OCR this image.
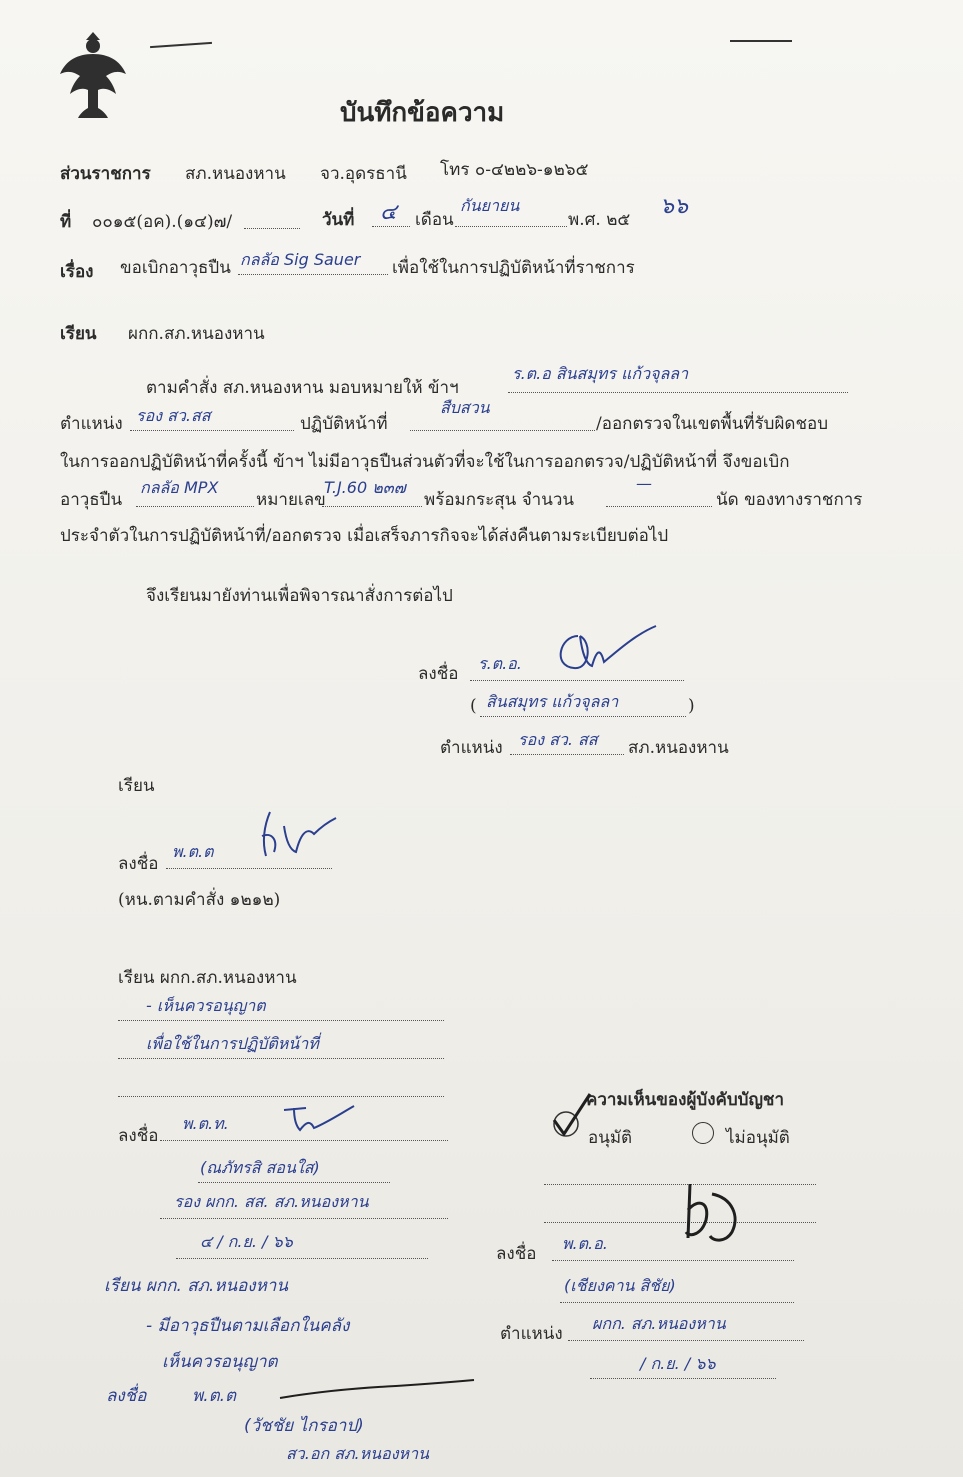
บันทึกข้อความ
ส่วนราชการ สภ.หนองหาน จว.อุดรธานี โทร ๐-๔๒๒๖-๑๒๖๕
ที่ ๐๐๑๕(อค).(๑๔)๗/	วันที่ ๔ เดือน
กันยายน
พ.ศ. ๒๕
๖๖
เรื่อง ขอเบิกอาวุธปืน กลลัอ Sig Sauer เพื่อใช้ในการปฏิบัติหน้าที่ราชการ
เรียน ผกก.สภ.หนองหาน
ตามคำสั่ง สภ.หนองหาน มอบหมายให้ ข้าฯ
ร.ต.อ สินสมุทร แก้วจุลลา
ตำแหน่ง รอง สว.สส	ปฏิบัติหน้าที่
สืบสวน
/ออกตรวจในเขตพื้นที่รับผิดชอบ
ในการออกปฏิบัติหน้าที่ครั้งนี้ ข้าฯ ไม่มีอาวุธปืนส่วนตัวที่จะใช้ในการออกตรวจ/ปฏิบัติหน้าที่ จึงขอเบิก
อาวุธปืน
กลลัอ MPX
หมายเลข
T.J.60 ๒๓๗
พร้อมกระสุน จำนวน
—
นัด ของทางราชการ
ประจำตัวในการปฏิบัติหน้าที่/ออกตรวจ เมื่อเสร็จภารกิจจะได้ส่งคืนตามระเบียบต่อไป
จึงเรียนมายังท่านเพื่อพิจารณาสั่งการต่อไป
ลงชื่อ
ร.ต.อ.
( สินสมุทร แก้วจุลลา	)
ตำแหน่ง รอง สว. สส สภ.หนองหาน
เรียน
ลงชื่อ
พ.ต.ต
(หน.ตามคำสั่ง ๑๒๑๒)
เรียน ผกก.สภ.หนองหาน
- เห็นควรอนุญาต
เพื่อใช้ในการปฏิบัติหน้าที่
ลงชื่อ
พ.ต.ท.
(ณภัทรสิ สอนใส)
รอง ผกก. สส. สภ.หนองหาน
๔ / ก.ย. / ๖๖
ความเห็นของผู้บังคับบัญชา
อนุมัติ	ไม่อนุมัติ
ลงชื่อ
พ.ต.อ.
(เชียงคาน สิชัย)
ตำแหน่ง
ผกก. สภ.หนองหาน
/ ก.ย. / ๖๖
เรียน ผกก. สภ.หนองหาน
- มีอาวุธปืนตามเลือกในคลัง
เห็นควรอนุญาต
ลงชื่อ	พ.ต.ต
(วัชชัย ไกรอาป)
สว.อก สภ.หนองหาน
